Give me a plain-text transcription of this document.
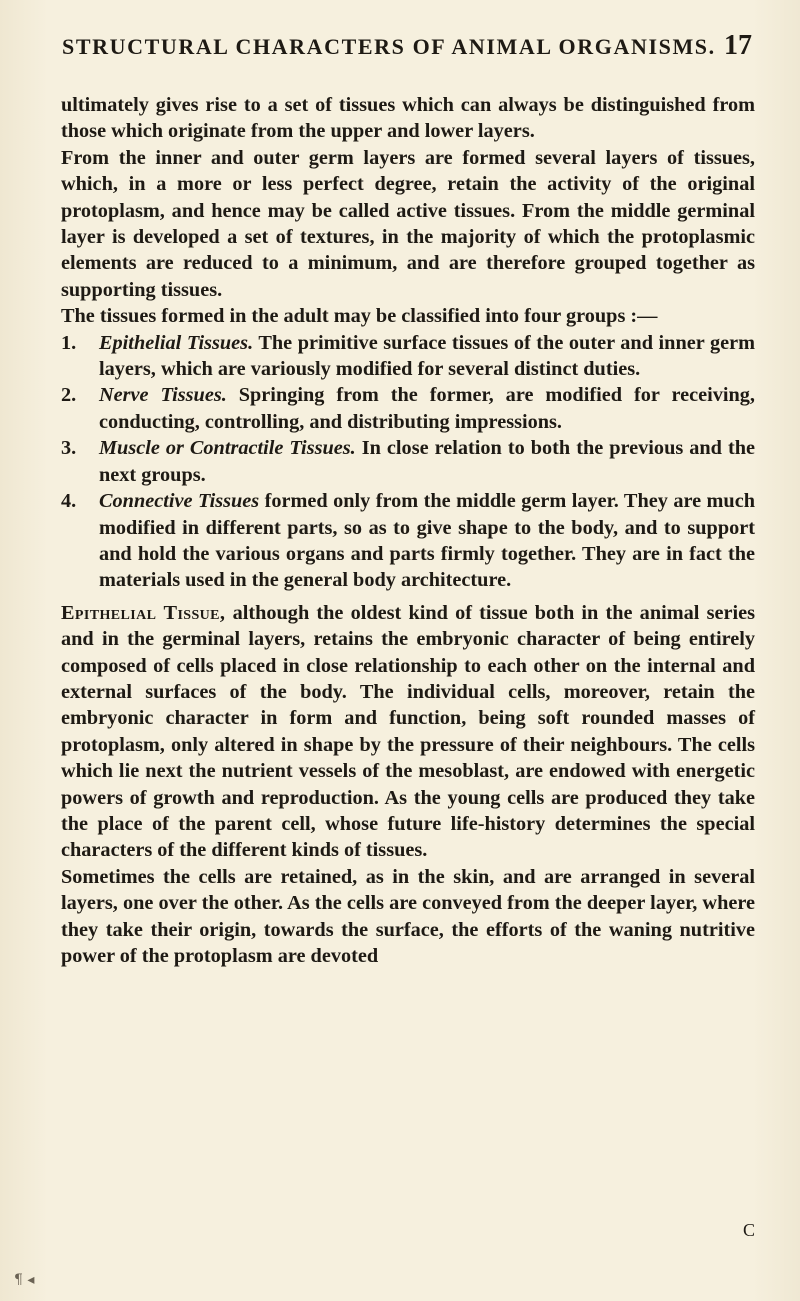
STRUCTURAL CHARACTERS OF ANIMAL ORGANISMS. 17

ultimately gives rise to a set of tissues which can always be distinguished from those which originate from the upper and lower layers.

From the inner and outer germ layers are formed several layers of tissues, which, in a more or less perfect degree, retain the activity of the original protoplasm, and hence may be called active tissues. From the middle germinal layer is developed a set of textures, in the majority of which the protoplasmic elements are reduced to a minimum, and are therefore grouped together as supporting tissues.

The tissues formed in the adult may be classified into four groups :—

1. Epithelial Tissues. The primitive surface tissues of the outer and inner germ layers, which are variously modified for several distinct duties.
2. Nerve Tissues. Springing from the former, are modified for receiving, conducting, controlling, and distributing impressions.
3. Muscle or Contractile Tissues. In close relation to both the previous and the next groups.
4. Connective Tissues formed only from the middle germ layer. They are much modified in different parts, so as to give shape to the body, and to support and hold the various organs and parts firmly together. They are in fact the materials used in the general body architecture.

Epithelial Tissue, although the oldest kind of tissue both in the animal series and in the germinal layers, retains the embryonic character of being entirely composed of cells placed in close relationship to each other on the internal and external surfaces of the body. The individual cells, moreover, retain the embryonic character in form and function, being soft rounded masses of protoplasm, only altered in shape by the pressure of their neighbours. The cells which lie next the nutrient vessels of the mesoblast, are endowed with energetic powers of growth and reproduction. As the young cells are produced they take the place of the parent cell, whose future life-history determines the special characters of the different kinds of tissues.

Sometimes the cells are retained, as in the skin, and are arranged in several layers, one over the other. As the cells are conveyed from the deeper layer, where they take their origin, towards the surface, the efforts of the waning nutritive power of the protoplasm are devoted

C
¶ ◂
